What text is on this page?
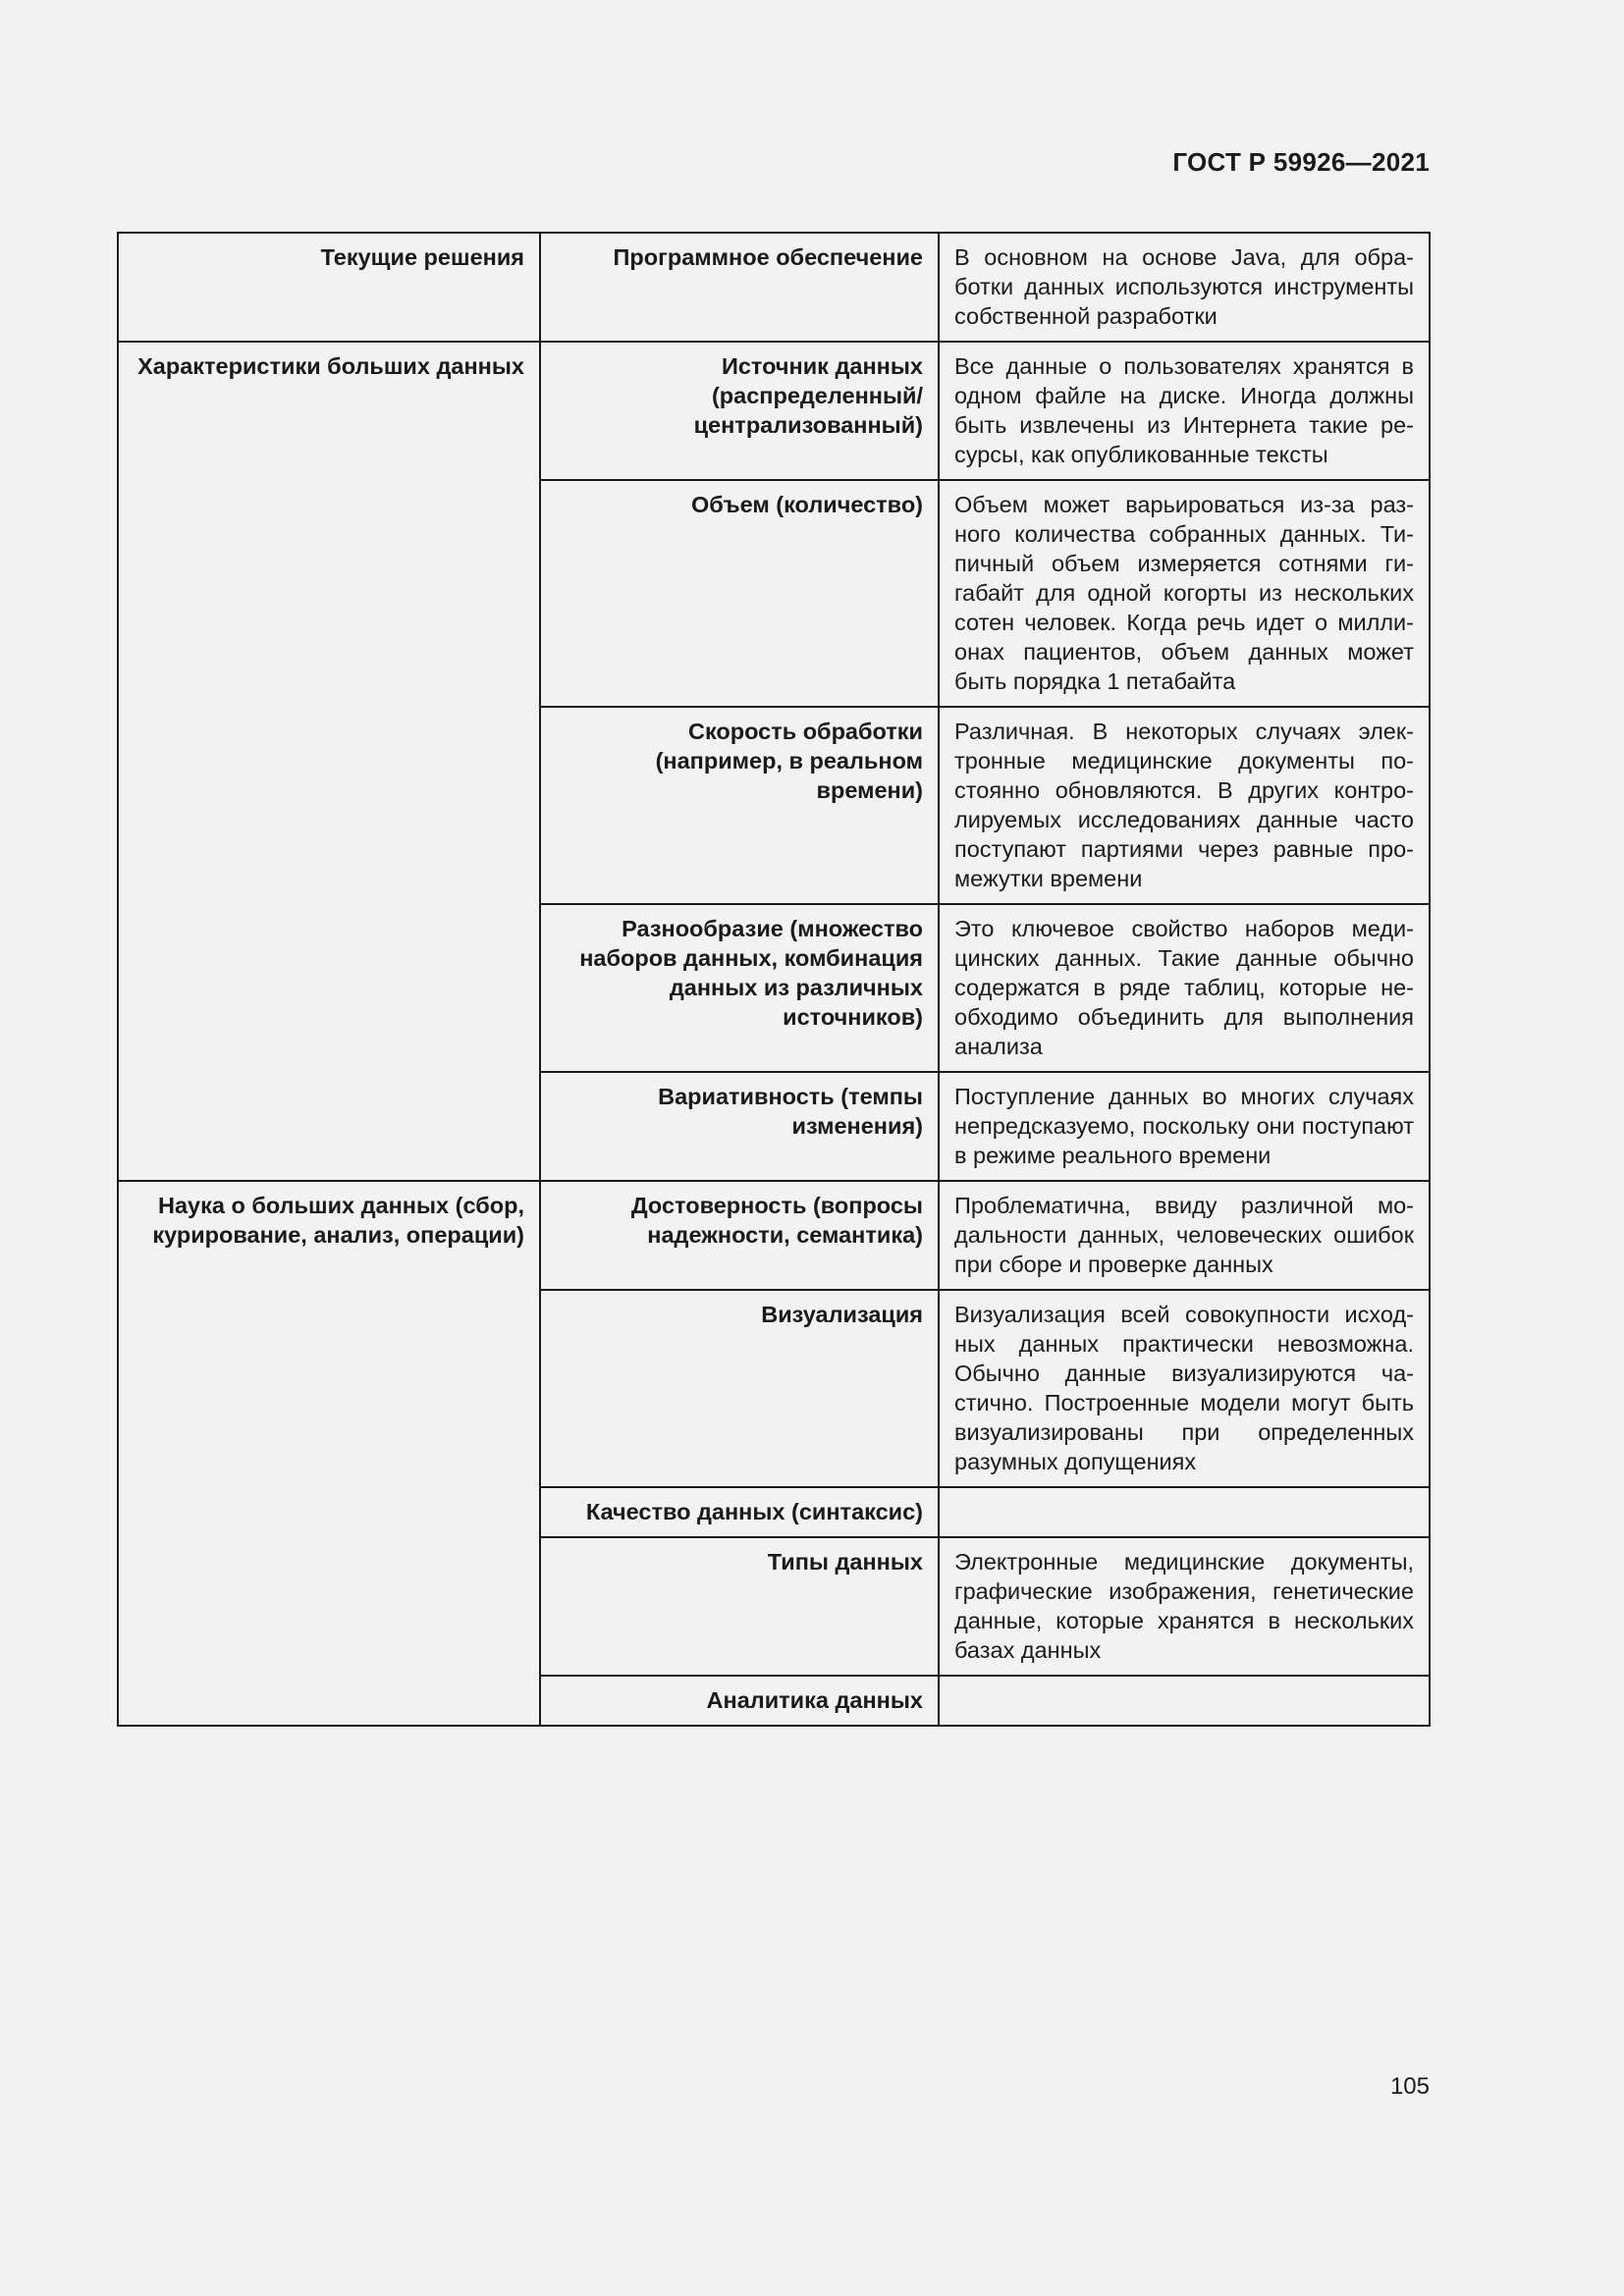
ГОСТ Р 59926—2021
Текущие решения	Программное обеспечение	В основном на основе Java, для обработки данных используются инструменты собственной разработки
Характеристики больших данных	Источник данных (распределенный/ централизованный)	Все данные о пользователях хранятся в одном файле на диске. Иногда должны быть извлечены из Интернета такие ресурсы, как опубликованные тексты
	Объем (количество)	Объем может варьироваться из-за разного количества собранных данных. Типичный объем измеряется сотнями гигабайт для одной когорты из нескольких сотен человек. Когда речь идет о миллионах пациентов, объем данных может быть порядка 1 петабайта
	Скорость обработки (например, в реальном времени)	Различная. В некоторых случаях электронные медицинские документы постоянно обновляются. В других контролируемых исследованиях данные часто поступают партиями через равные промежутки времени
	Разнообразие (множество наборов данных, комбинация данных из различных источников)	Это ключевое свойство наборов медицинских данных. Такие данные обычно содержатся в ряде таблиц, которые необходимо объединить для выполнения анализа
	Вариативность (темпы изменения)	Поступление данных во многих случаях непредсказуемо, поскольку они поступают в режиме реального времени
Наука о больших данных (сбор, курирование, анализ, операции)	Достоверность (вопросы надежности, семантика)	Проблематична, ввиду различной модальности данных, человеческих ошибок при сборе и проверке данных
	Визуализация	Визуализация всей совокупности исходных данных практически невозможна. Обычно данные визуализируются частично. Построенные модели могут быть визуализированы при определенных разумных допущениях
	Качество данных (синтаксис)	
	Типы данных	Электронные медицинские документы, графические изображения, генетические данные, которые хранятся в нескольких базах данных
	Аналитика данных	
105
